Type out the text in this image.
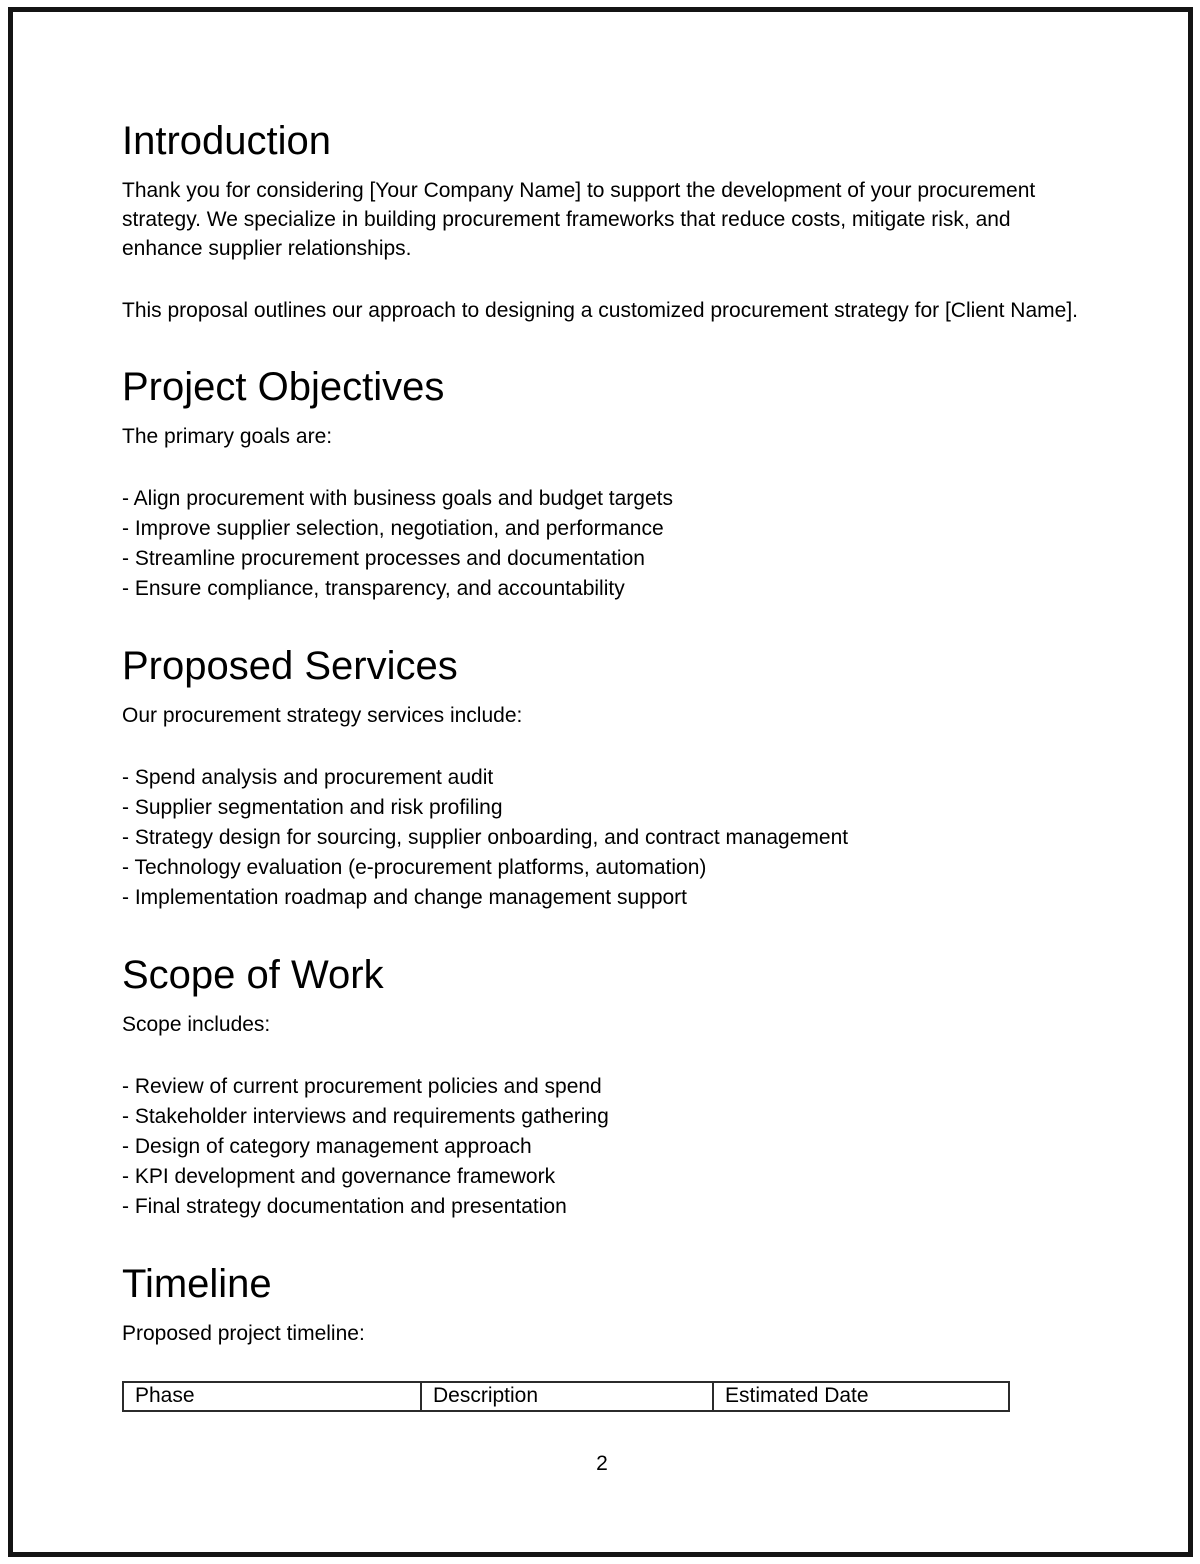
Introduction

Thank you for considering [Your Company Name] to support the development of your procurement strategy. We specialize in building procurement frameworks that reduce costs, mitigate risk, and enhance supplier relationships.

This proposal outlines our approach to designing a customized procurement strategy for [Client Name].

Project Objectives

The primary goals are:

- Align procurement with business goals and budget targets
- Improve supplier selection, negotiation, and performance
- Streamline procurement processes and documentation
- Ensure compliance, transparency, and accountability
Proposed Services

Our procurement strategy services include:

- Spend analysis and procurement audit
- Supplier segmentation and risk profiling
- Strategy design for sourcing, supplier onboarding, and contract management
- Technology evaluation (e-procurement platforms, automation)
- Implementation roadmap and change management support
Scope of Work

Scope includes:

- Review of current procurement policies and spend
- Stakeholder interviews and requirements gathering
- Design of category management approach
- KPI development and governance framework
- Final strategy documentation and presentation
Timeline

Proposed project timeline:

Phase	Description	Estimated Date
2
